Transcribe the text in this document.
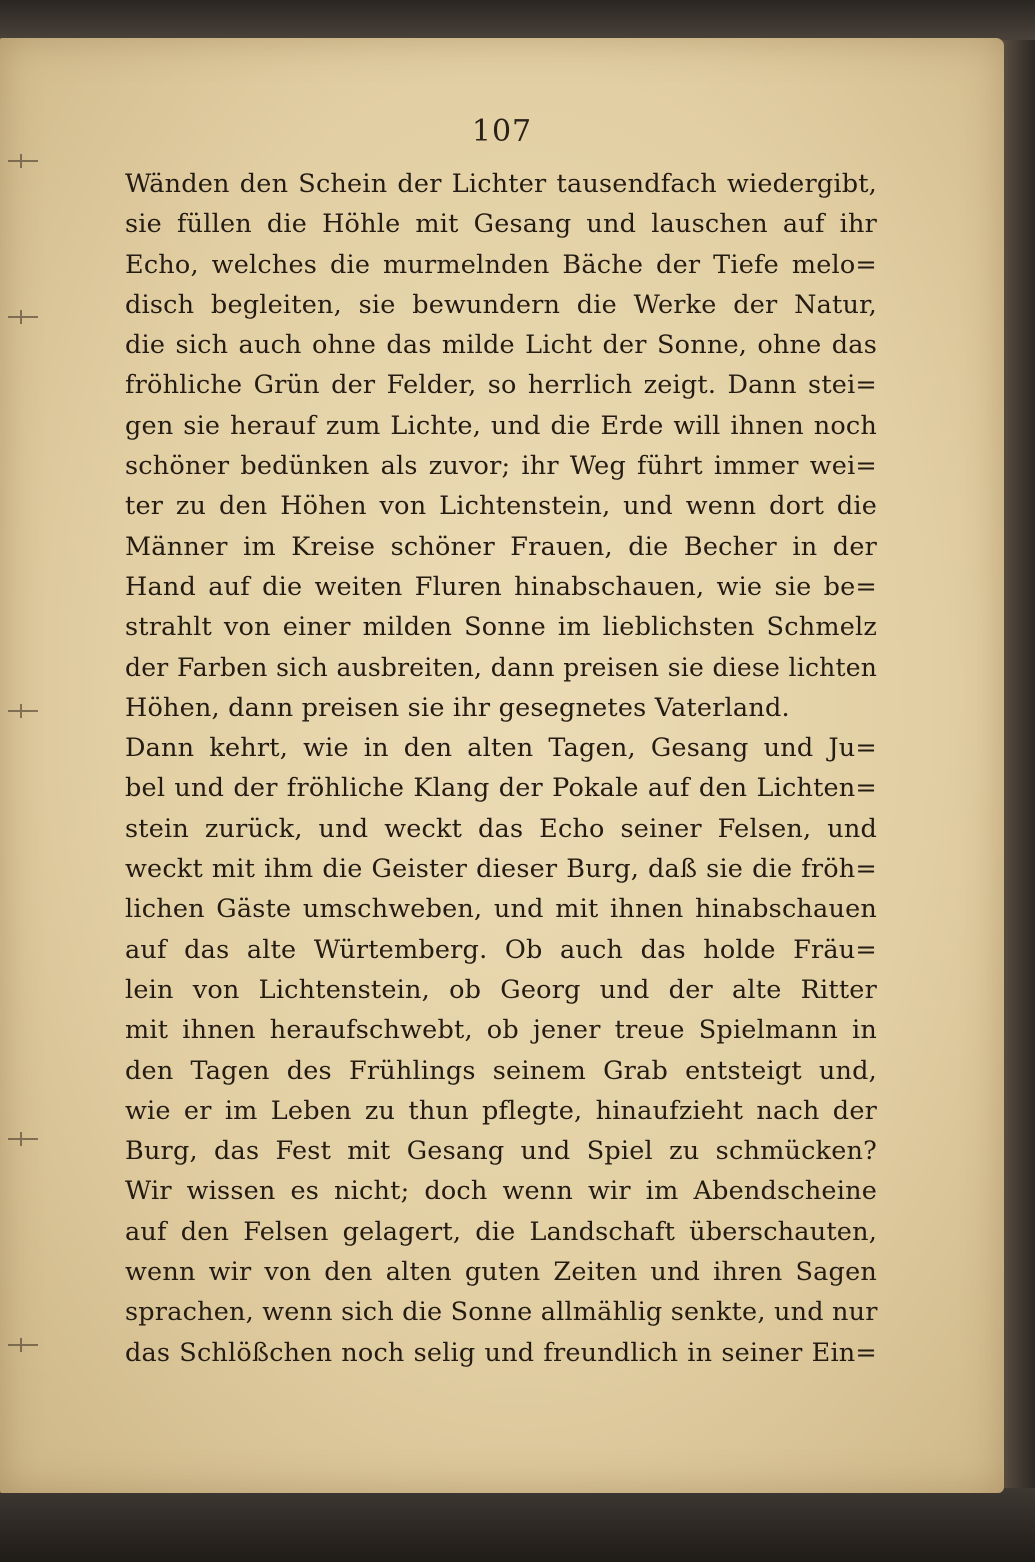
107
Wänden den Schein der Lichter tausendfach wiedergibt,
sie füllen die Höhle mit Gesang und lauschen auf ihr
Echo, welches die murmelnden Bäche der Tiefe melo=
disch begleiten, sie bewundern die Werke der Natur,
die sich auch ohne das milde Licht der Sonne, ohne das
fröhliche Grün der Felder, so herrlich zeigt. Dann stei=
gen sie herauf zum Lichte, und die Erde will ihnen noch
schöner bedünken als zuvor; ihr Weg führt immer wei=
ter zu den Höhen von Lichtenstein, und wenn dort die
Männer im Kreise schöner Frauen, die Becher in der
Hand auf die weiten Fluren hinabschauen, wie sie be=
strahlt von einer milden Sonne im lieblichsten Schmelz
der Farben sich ausbreiten, dann preisen sie diese lichten
Höhen, dann preisen sie ihr gesegnetes Vaterland.
Dann kehrt, wie in den alten Tagen, Gesang und Ju=
bel und der fröhliche Klang der Pokale auf den Lichten=
stein zurück, und weckt das Echo seiner Felsen, und
weckt mit ihm die Geister dieser Burg, daß sie die fröh=
lichen Gäste umschweben, und mit ihnen hinabschauen
auf das alte Würtemberg. Ob auch das holde Fräu=
lein von Lichtenstein, ob Georg und der alte Ritter
mit ihnen heraufschwebt, ob jener treue Spielmann in
den Tagen des Frühlings seinem Grab entsteigt und,
wie er im Leben zu thun pflegte, hinaufzieht nach der
Burg, das Fest mit Gesang und Spiel zu schmücken?
Wir wissen es nicht; doch wenn wir im Abendscheine
auf den Felsen gelagert, die Landschaft überschauten,
wenn wir von den alten guten Zeiten und ihren Sagen
sprachen, wenn sich die Sonne allmählig senkte, und nur
das Schlößchen noch selig und freundlich in seiner Ein=
